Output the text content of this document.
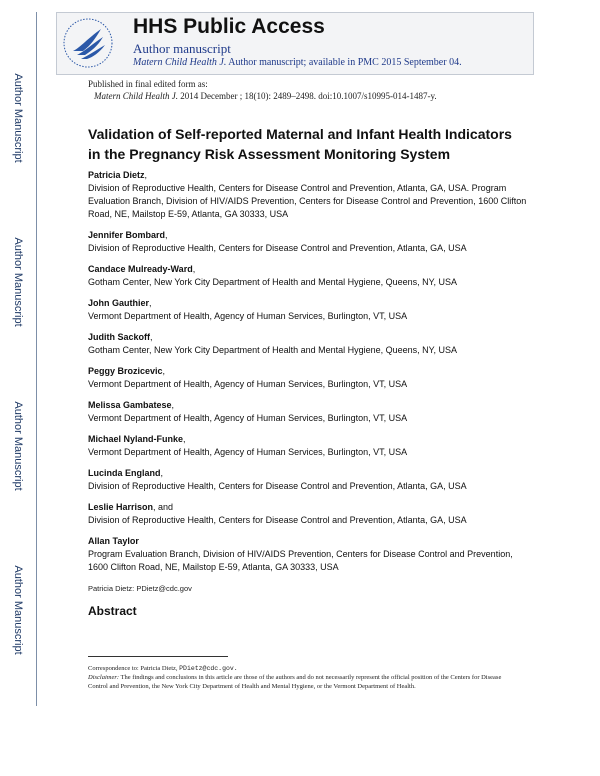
Author Manuscript
Author Manuscript
Author Manuscript
Author Manuscript
HHS Public Access
Author manuscript
Matern Child Health J. Author manuscript; available in PMC 2015 September 04.
Published in final edited form as:
Matern Child Health J. 2014 December ; 18(10): 2489–2498. doi:10.1007/s10995-014-1487-y.
Validation of Self-reported Maternal and Infant Health Indicators in the Pregnancy Risk Assessment Monitoring System
Patricia Dietz,
Division of Reproductive Health, Centers for Disease Control and Prevention, Atlanta, GA, USA. Program Evaluation Branch, Division of HIV/AIDS Prevention, Centers for Disease Control and Prevention, 1600 Clifton Road, NE, Mailstop E-59, Atlanta, GA 30333, USA
Jennifer Bombard,
Division of Reproductive Health, Centers for Disease Control and Prevention, Atlanta, GA, USA
Candace Mulready-Ward,
Gotham Center, New York City Department of Health and Mental Hygiene, Queens, NY, USA
John Gauthier,
Vermont Department of Health, Agency of Human Services, Burlington, VT, USA
Judith Sackoff,
Gotham Center, New York City Department of Health and Mental Hygiene, Queens, NY, USA
Peggy Brozicevic,
Vermont Department of Health, Agency of Human Services, Burlington, VT, USA
Melissa Gambatese,
Vermont Department of Health, Agency of Human Services, Burlington, VT, USA
Michael Nyland-Funke,
Vermont Department of Health, Agency of Human Services, Burlington, VT, USA
Lucinda England,
Division of Reproductive Health, Centers for Disease Control and Prevention, Atlanta, GA, USA
Leslie Harrison, and
Division of Reproductive Health, Centers for Disease Control and Prevention, Atlanta, GA, USA
Allan Taylor
Program Evaluation Branch, Division of HIV/AIDS Prevention, Centers for Disease Control and Prevention, 1600 Clifton Road, NE, Mailstop E-59, Atlanta, GA 30333, USA
Patricia Dietz: PDietz@cdc.gov
Abstract
Correspondence to: Patricia Dietz, PDietz@cdc.gov.
Disclaimer: The findings and conclusions in this article are those of the authors and do not necessarily represent the official position of the Centers for Disease Control and Prevention, the New York City Department of Health and Mental Hygiene, or the Vermont Department of Health.
